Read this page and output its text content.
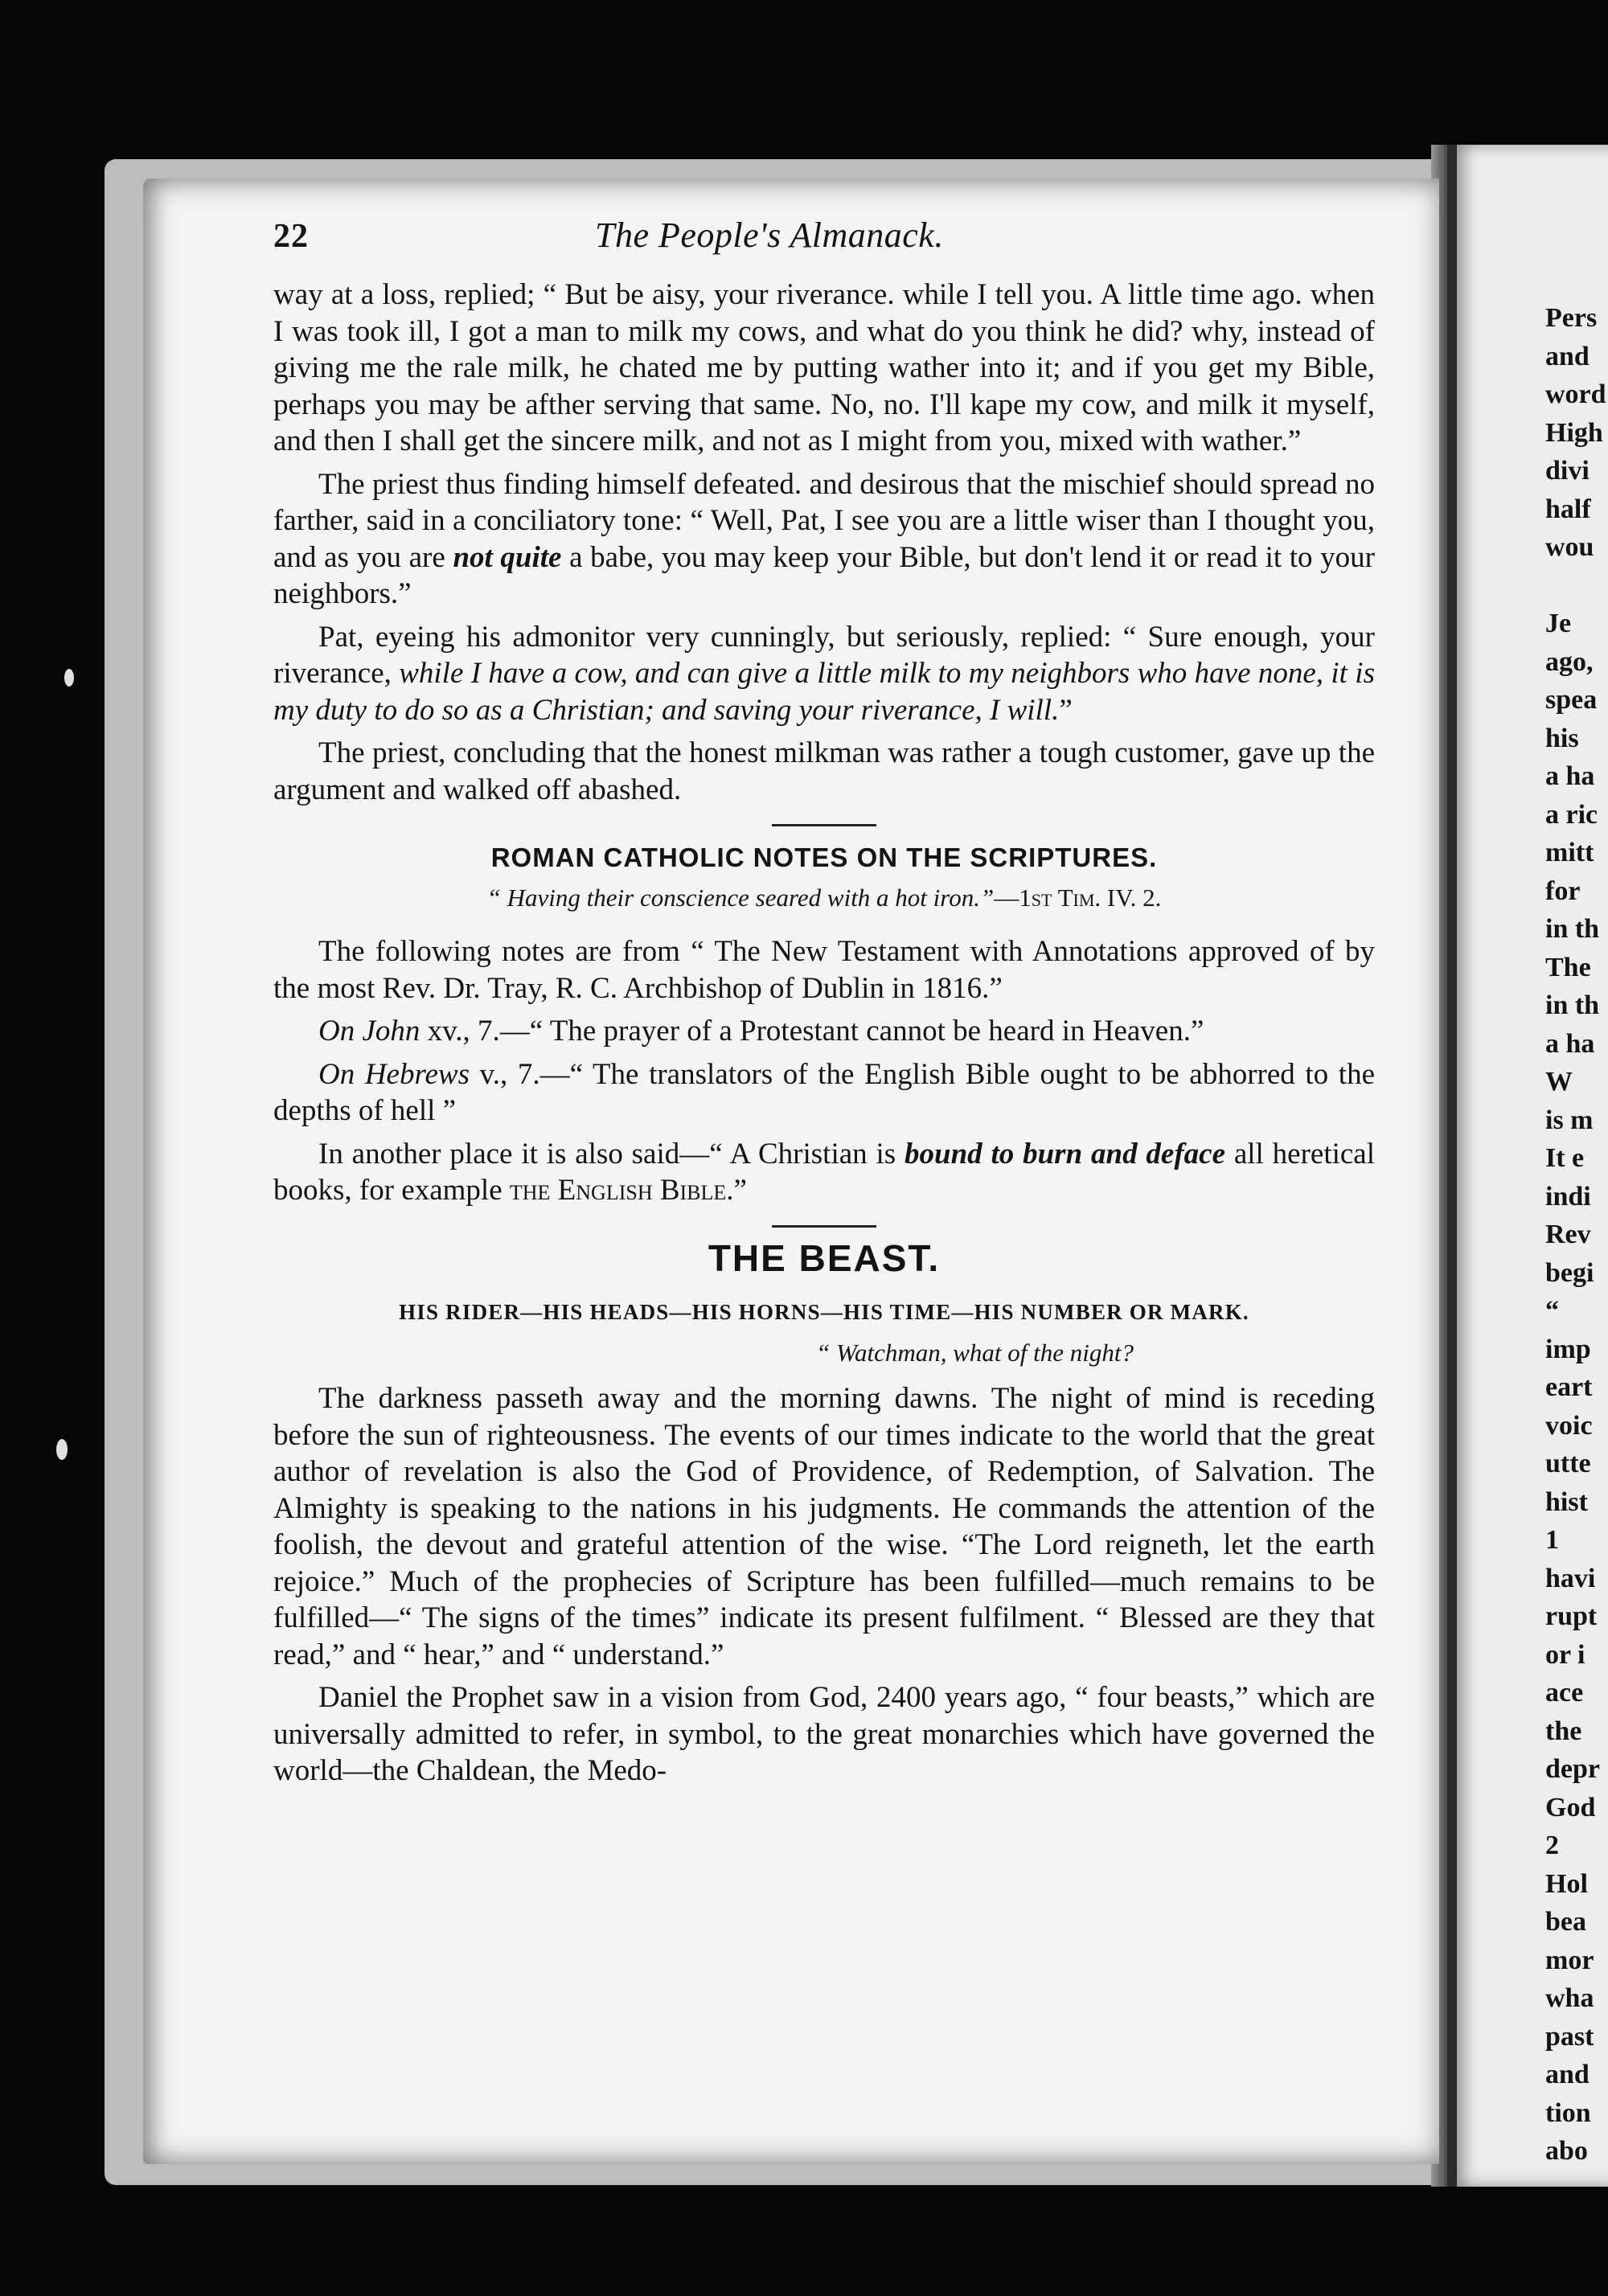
22	The People's Almanack.

way at a loss, replied; “ But be aisy, your riverance. while I tell you. A little time ago. when I was took ill, I got a man to milk my cows, and what do you think he did? why, instead of giving me the rale milk, he chated me by putting wather into it; and if you get my Bible, perhaps you may be afther serving that same. No, no. I'll kape my cow, and milk it myself, and then I shall get the sincere milk, and not as I might from you, mixed with wather.”

The priest thus finding himself defeated. and desirous that the mischief should spread no farther, said in a conciliatory tone: “ Well, Pat, I see you are a little wiser than I thought you, and as you are not quite a babe, you may keep your Bible, but don't lend it or read it to your neighbors.”

Pat, eyeing his admonitor very cunningly, but seriously, replied: “ Sure enough, your riverance, while I have a cow, and can give a little milk to my neighbors who have none, it is my duty to do so as a Christian; and saving your riverance, I will.”

The priest, concluding that the honest milkman was rather a tough customer, gave up the argument and walked off abashed.

ROMAN CATHOLIC NOTES ON THE SCRIPTURES.
“ Having their conscience seared with a hot iron.”—1st Tim. IV. 2.

The following notes are from “ The New Testament with Annotations approved of by the most Rev. Dr. Tray, R. C. Archbishop of Dublin in 1816.”

On John xv., 7.—“ The prayer of a Protestant cannot be heard in Heaven.”

On Hebrews v., 7.—“ The translators of the English Bible ought to be abhorred to the depths of hell ”

In another place it is also said—“ A Christian is bound to burn and deface all heretical books, for example the English Bible.”

THE BEAST.
HIS RIDER—HIS HEADS—HIS HORNS—HIS TIME—HIS NUMBER OR MARK.
“ Watchman, what of the night?

The darkness passeth away and the morning dawns. The night of mind is receding before the sun of righteousness. The events of our times indicate to the world that the great author of revelation is also the God of Providence, of Redemption, of Salvation. The Almighty is speaking to the nations in his judgments. He commands the attention of the foolish, the devout and grateful attention of the wise. “The Lord reigneth, let the earth rejoice.” Much of the prophecies of Scripture has been fulfilled—much remains to be fulfilled—“ The signs of the times” indicate its present fulfilment. “ Blessed are they that read,” and “ hear,” and “ understand.”

Daniel the Prophet saw in a vision from God, 2400 years ago, “ four beasts,” which are universally admitted to refer, in symbol, to the great monarchies which have governed the world—the Chaldean, the Medo-

Pers
and
word
High
divi
half
wou
Je
ago,
spea
his
a ha
a ric
mitt
for
in th
The
in th
a ha
W
is m
It e
indi
Rev
begi
“
imp
eart
voic
utte
hist
1
havi
rupt
or i
ace
the
depr
God
2
Hol
bea
mor
wha
past
and
tion
abo
